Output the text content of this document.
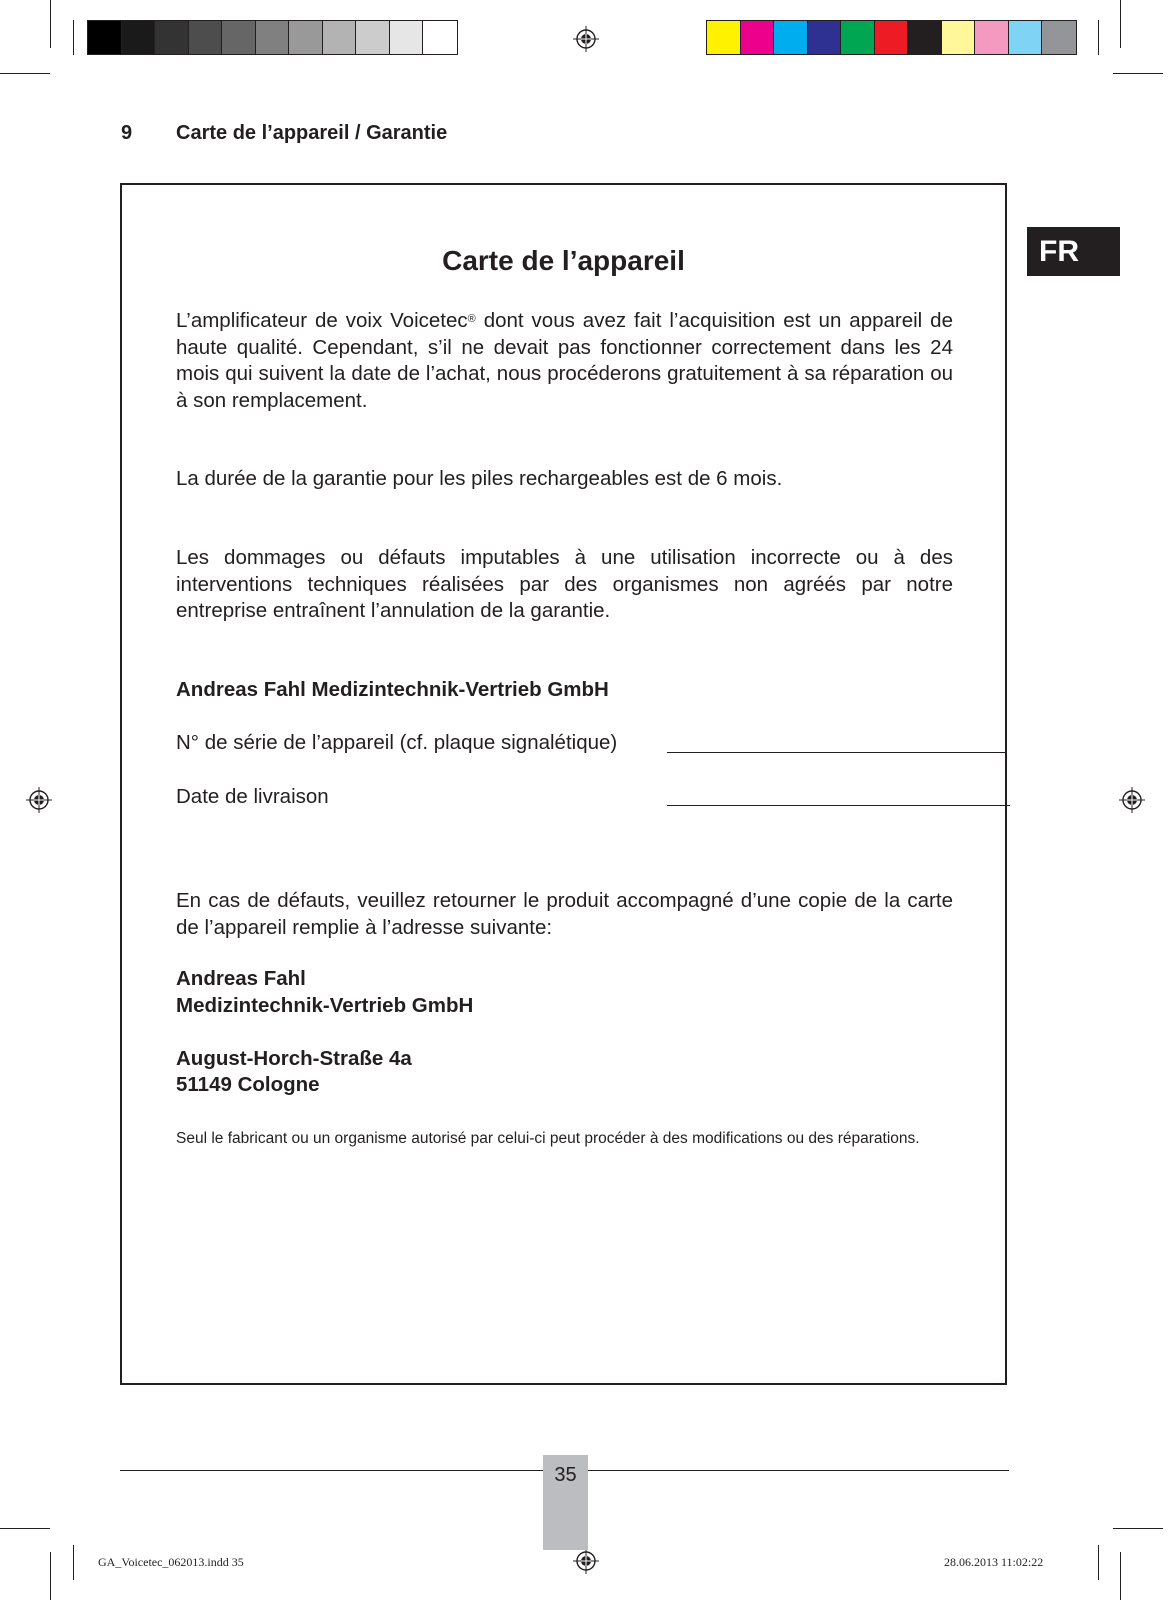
9 Carte de l’appareil / Garantie
FR
Carte de l’appareil
L’amplificateur de voix Voicetec® dont vous avez fait l’acquisition est un appareil de haute qualité. Cependant, s’il ne devait pas fonctionner correctement dans les 24 mois qui suivent la date de l’achat, nous procéderons gratuitement à sa réparation ou à son remplacement.
La durée de la garantie pour les piles rechargeables est de 6 mois.
Les dommages ou défauts imputables à une utilisation incorrecte ou à des interventions techniques réalisées par des organismes non agréés par notre entreprise entraînent l’annulation de la garantie.
Andreas Fahl Medizintechnik-Vertrieb GmbH
N° de série de l’appareil (cf. plaque signalétique)
Date de livraison
En cas de défauts, veuillez retourner le produit accompagné d’une copie de la carte de l’appareil remplie à l’adresse suivante:
Andreas Fahl
Medizintechnik-Vertrieb GmbH
August-Horch-Straße 4a
51149 Cologne
Seul le fabricant ou un organisme autorisé par celui-ci peut procéder à des modifications ou des réparations.
35
GA_Voicetec_062013.indd 35	28.06.2013 11:02:22
